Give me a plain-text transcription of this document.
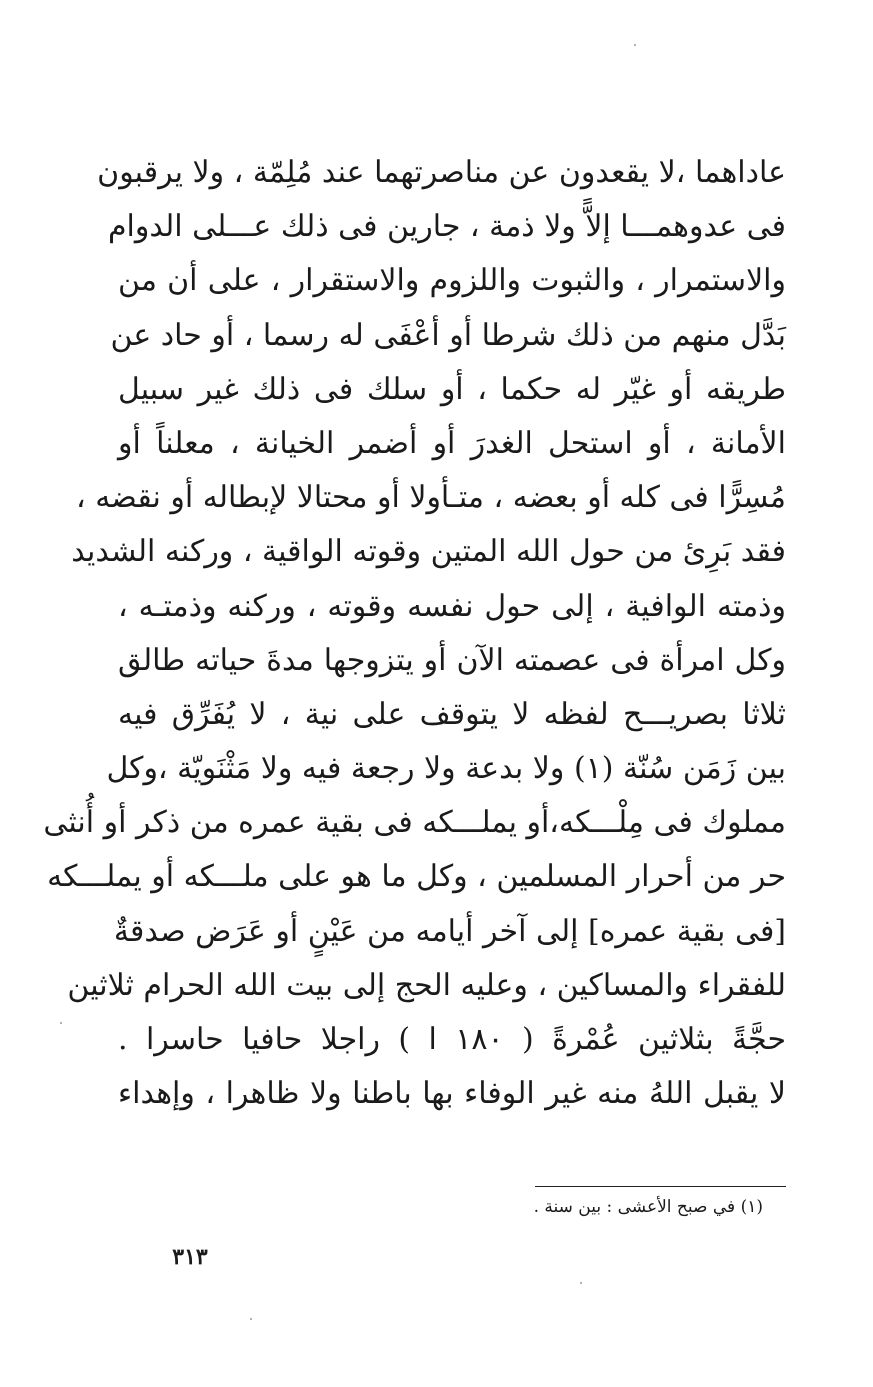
عاداهما ،لا يقعدون عن مناصرتهما عند مُلِمّة ، ولا يرقبون
فى عدوهمـــا إلاًّ ولا ذمة ، جارين فى ذلك عـــلى الدوام
والاستمرار ، والثبوت واللزوم والاستقرار ، على أن من
بَدَّل منهم من ذلك شرطا أو أعْفَى له رسما ، أو حاد عن
طريقه أو غيّر له حكما ، أو سلك فى ذلك غير سبيل
الأمانة ، أو استحل الغدرَ أو أضمر الخيانة ، معلناً أو
مُسِرًّا فى كله أو بعضه ، متـأولا أو محتالا لإبطاله أو نقضه ،
فقد بَرِئ من حول الله المتين وقوته الواقية ، وركنه الشديد
وذمته الوافية ، إلى حول نفسه وقوته ، وركنه وذمتـه ،
وكل امرأة فى عصمته الآن أو يتزوجها مدةَ حياته طالق
ثلاثا بصريـــح لفظه لا يتوقف على نية ، لا يُفَرِّق فيه
بين زَمَن سُنّة (١) ولا بدعة ولا رجعة فيه ولا مَثْنَويّة ،وكل
مملوك فى مِلْـــكه،أو يملـــكه فى بقية عمره من ذكر أو أُنثى
حر من أحرار المسلمين ، وكل ما هو على ملـــكه أو يملـــكه
[فى بقية عمره] إلى آخر أيامه من عَيْنٍ أو عَرَض صدقةٌ
للفقراء والمساكين ، وعليه الحج إلى بيت الله الحرام ثلاثين
حجَّةً بثلاثين عُمْرةً ( ١٨٠ ا ) راجلا حافيا حاسرا .
لا يقبل اللهُ منه غير الوفاء بها باطنا ولا ظاهرا ، وإهداء
(١) في صبح الأعشى : بين سنة .
٣١٣
